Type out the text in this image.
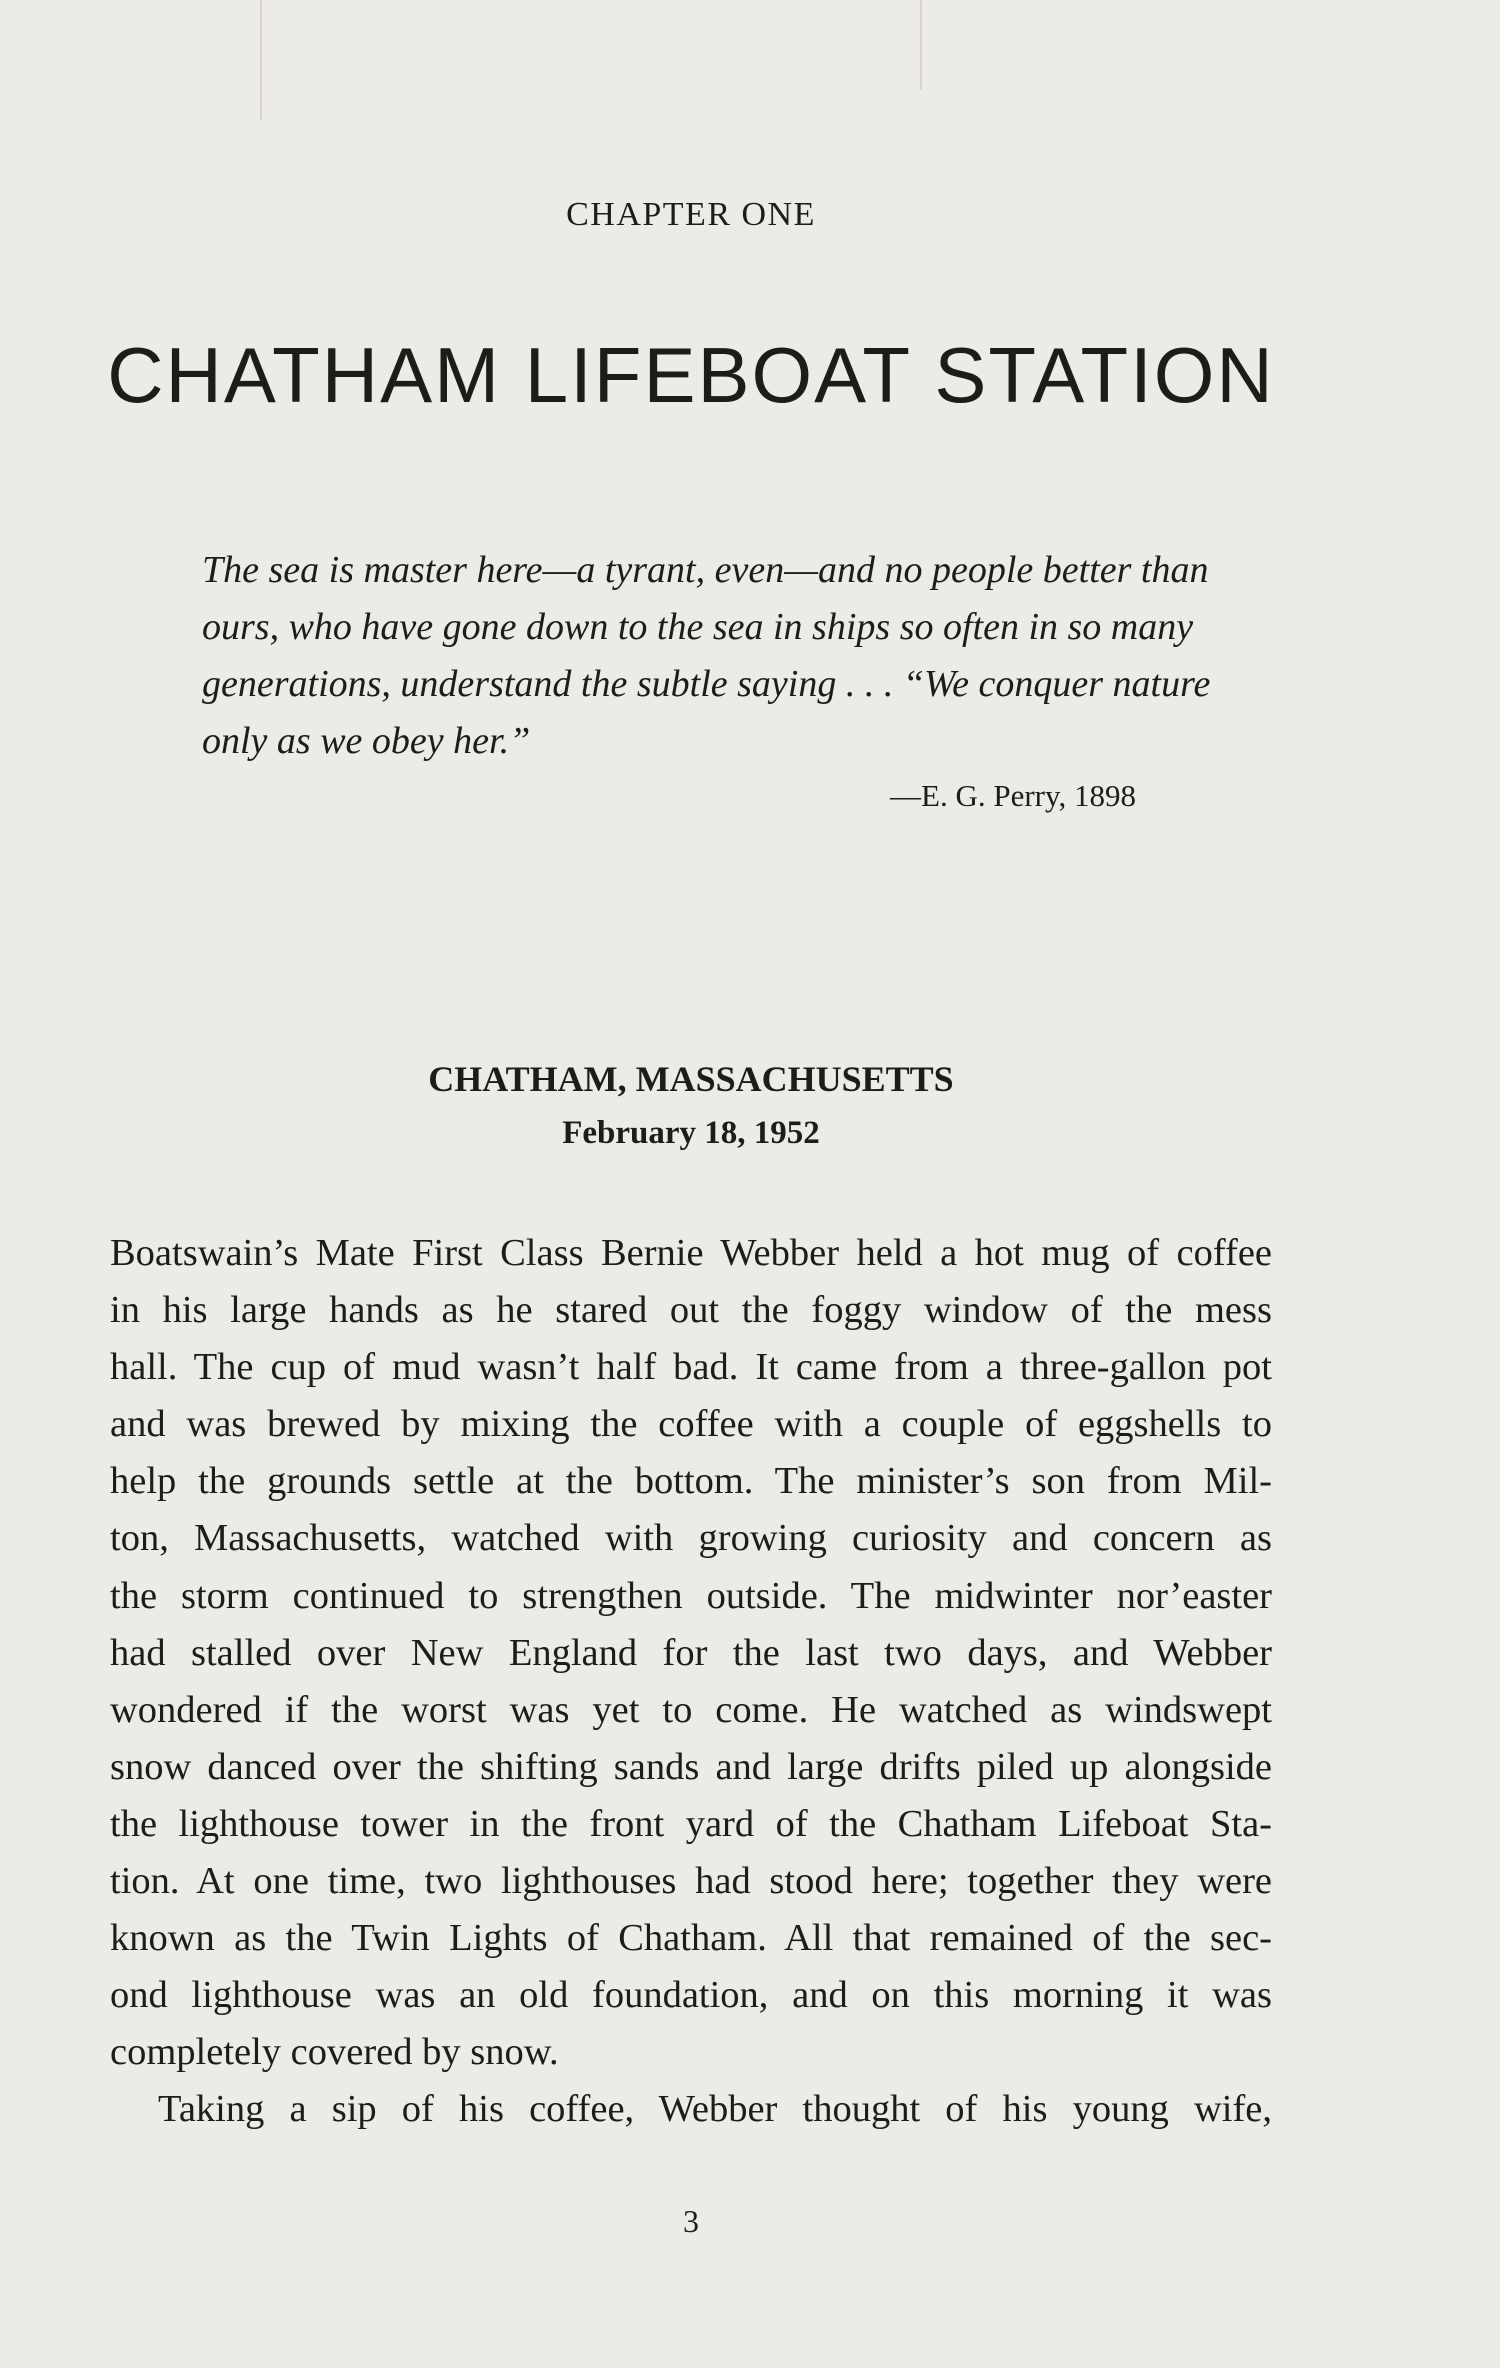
CHAPTER ONE
CHATHAM LIFEBOAT STATION
The sea is master here—a tyrant, even—and no people better than
ours, who have gone down to the sea in ships so often in so many
generations, understand the subtle saying . . . “We conquer nature
only as we obey her.”
—E. G. Perry, 1898
CHATHAM, MASSACHUSETTS
February 18, 1952
Boatswain’s Mate First Class Bernie Webber held a hot mug of coffee
in his large hands as he stared out the foggy window of the mess
hall. The cup of mud wasn’t half bad. It came from a three-gallon pot
and was brewed by mixing the coffee with a couple of eggshells to
help the grounds settle at the bottom. The minister’s son from Mil-
ton, Massachusetts, watched with growing curiosity and concern as
the storm continued to strengthen outside. The midwinter nor’easter
had stalled over New England for the last two days, and Webber
wondered if the worst was yet to come. He watched as windswept
snow danced over the shifting sands and large drifts piled up alongside
the lighthouse tower in the front yard of the Chatham Lifeboat Sta-
tion. At one time, two lighthouses had stood here; together they were
known as the Twin Lights of Chatham. All that remained of the sec-
ond lighthouse was an old foundation, and on this morning it was
completely covered by snow.
Taking a sip of his coffee, Webber thought of his young wife,
3
